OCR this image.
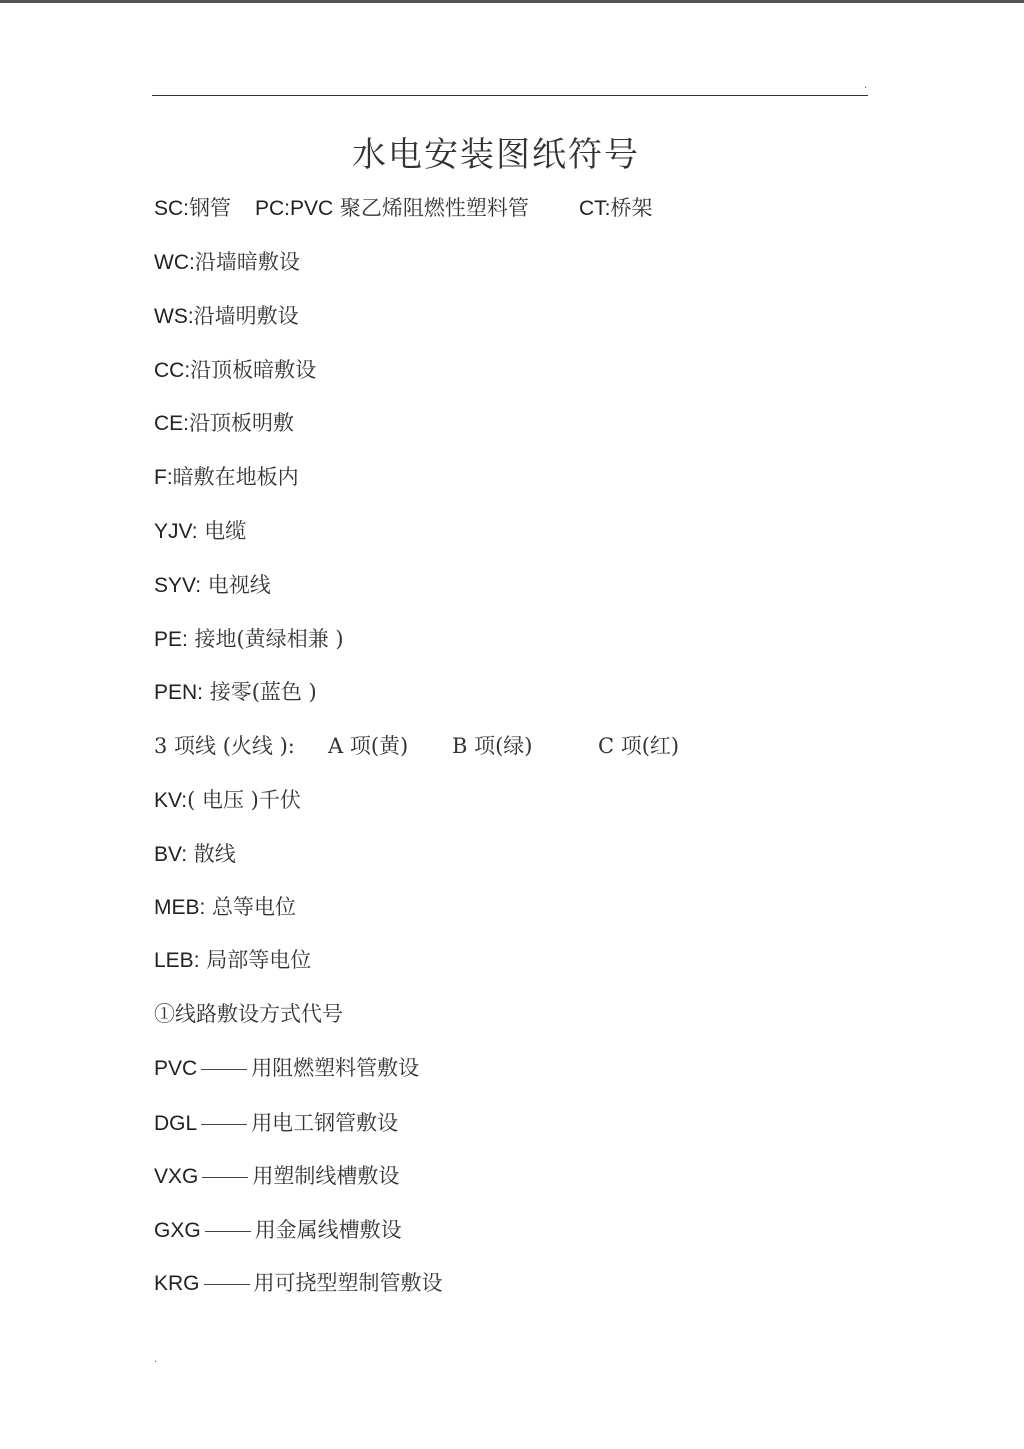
.
水电安装图纸符号
SC:钢管 PC:PVC 聚乙烯阻燃性塑料管 CT:桥架
WC:沿墙暗敷设
WS:沿墙明敷设
CC:沿顶板暗敷设
CE:沿顶板明敷
F:暗敷在地板内
YJV: 电缆
SYV: 电视线
PE: 接地(黄绿相兼 )
PEN: 接零(蓝色 )
3 项线 (火线 ): A 项(黄) B 项(绿)	C 项(红)
KV:( 电压 )千伏
BV: 散线
MEB: 总等电位
LEB: 局部等电位
①线路敷设方式代号
PVC	用阻燃塑料管敷设
DGL	用电工钢管敷设
VXG	用塑制线槽敷设
GXG	用金属线槽敷设
KRG	用可挠型塑制管敷设
.
